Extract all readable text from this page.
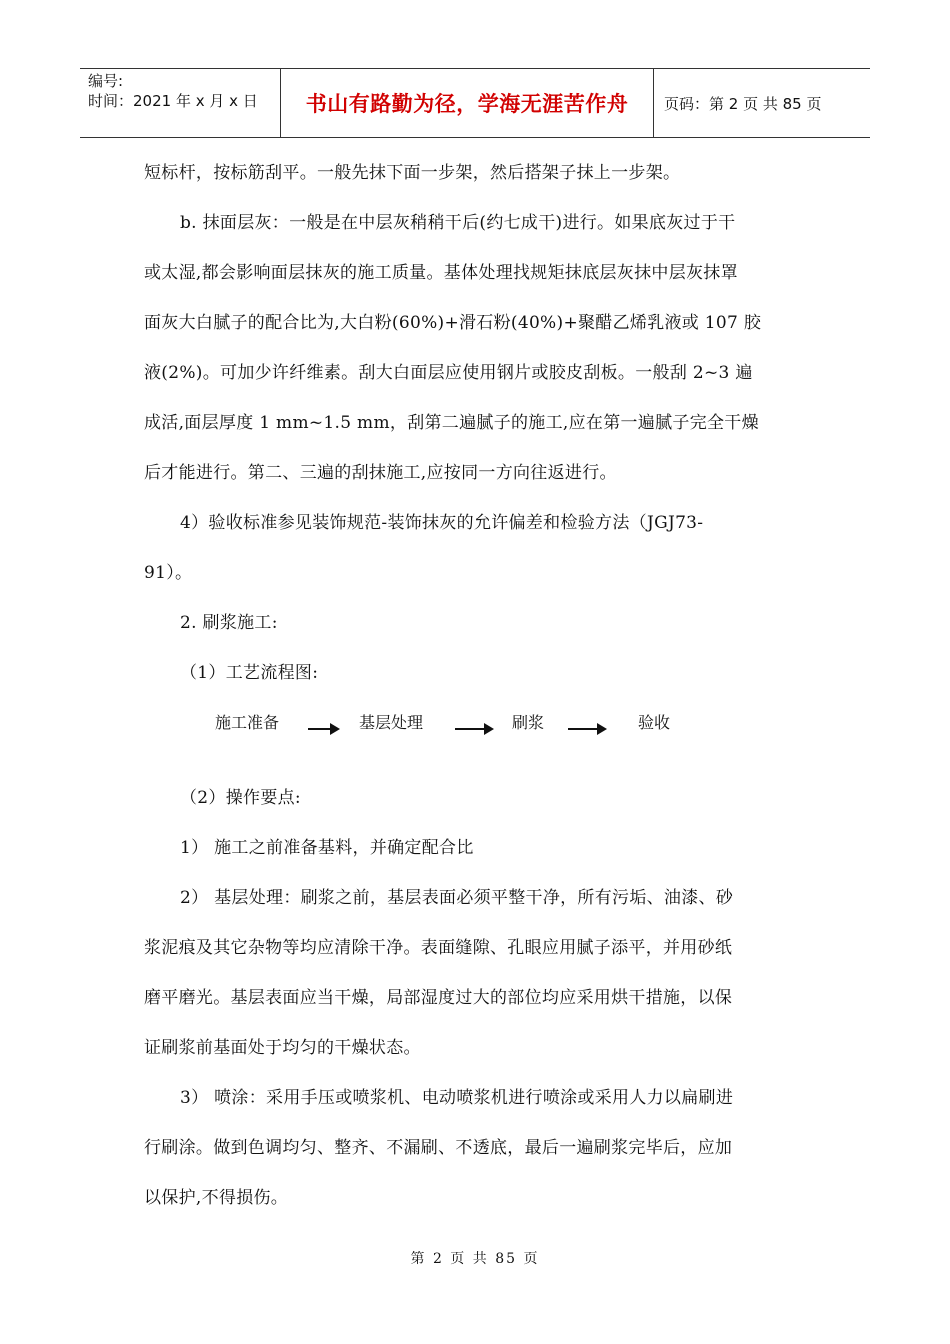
编号:
时间：2021 年 x 月 x 日	书山有路勤为径，学海无涯苦作舟	页码：第 2 页 共 85 页

短标杆，按标筋刮平。一般先抹下面一步架，然后搭架子抹上一步架。

b. 抹面层灰：一般是在中层灰稍稍干后(约七成干)进行。如果底灰过于干

或太湿,都会影响面层抹灰的施工质量。基体处理找规矩抹底层灰抹中层灰抹罩

面灰大白腻子的配合比为,大白粉(60%)+滑石粉(40%)+聚醋乙烯乳液或 107 胶

液(2%)。可加少许纤维素。刮大白面层应使用钢片或胶皮刮板。一般刮 2~3 遍

成活,面层厚度 1 mm~1.5 mm，刮第二遍腻子的施工,应在第一遍腻子完全干燥

后才能进行。第二、三遍的刮抹施工,应按同一方向往返进行。

4）验收标准参见装饰规范-装饰抹灰的允许偏差和检验方法（JGJ73-

91）。

2. 刷浆施工:

（1）工艺流程图:

施工准备	基层处理	刷浆	验收

（2）操作要点:

1） 施工之前准备基料，并确定配合比

2） 基层处理：刷浆之前，基层表面必须平整干净，所有污垢、油漆、砂

浆泥痕及其它杂物等均应清除干净。表面缝隙、孔眼应用腻子添平，并用砂纸

磨平磨光。基层表面应当干燥，局部湿度过大的部位均应采用烘干措施，以保

证刷浆前基面处于均匀的干燥状态。

3） 喷涂：采用手压或喷浆机、电动喷浆机进行喷涂或采用人力以扁刷进

行刷涂。做到色调均匀、整齐、不漏刷、不透底，最后一遍刷浆完毕后，应加

以保护,不得损伤。

第 2 页 共 85 页
